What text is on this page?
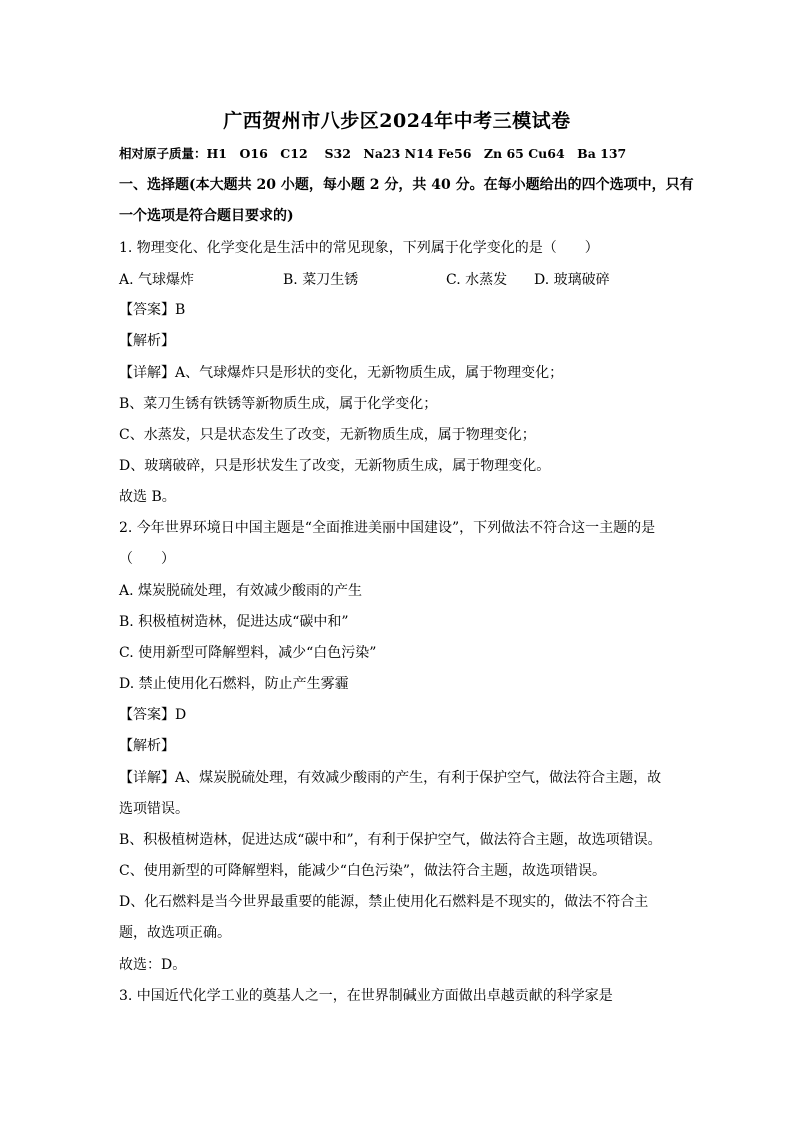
广西贺州市八步区2024年中考三模试卷
相对原子质量：H1　O16　C12　 S32　Na23 N14 Fe56　Zn 65 Cu64　Ba 137
一、选择题(本大题共 20 小题，每小题 2 分，共 40 分。在每小题给出的四个选项中，只有
一个选项是符合题目要求的)
1. 物理变化、化学变化是生活中的常见现象，下列属于化学变化的是（　　）
A. 气球爆炸	B. 菜刀生锈	C. 水蒸发 D. 玻璃破碎
【答案】B
【解析】
【详解】A、气球爆炸只是形状的变化，无新物质生成，属于物理变化；
B、菜刀生锈有铁锈等新物质生成，属于化学变化；
C、水蒸发，只是状态发生了改变，无新物质生成，属于物理变化；
D、玻璃破碎，只是形状发生了改变，无新物质生成，属于物理变化。
故选 B。
2. 今年世界环境日中国主题是“全面推进美丽中国建设”，下列做法不符合这一主题的是
（　　）
A. 煤炭脱硫处理，有效减少酸雨的产生
B. 积极植树造林，促进达成“碳中和”
C. 使用新型可降解塑料，减少“白色污染”
D. 禁止使用化石燃料，防止产生雾霾
【答案】D
【解析】
【详解】A、煤炭脱硫处理，有效减少酸雨的产生，有利于保护空气，做法符合主题，故
选项错误。
B、积极植树造林，促进达成“碳中和”，有利于保护空气，做法符合主题，故选项错误。
C、使用新型的可降解塑料，能减少“白色污染”，做法符合主题，故选项错误。
D、化石燃料是当今世界最重要的能源，禁止使用化石燃料是不现实的，做法不符合主
题，故选项正确。
故选：D。
3. 中国近代化学工业的奠基人之一，在世界制碱业方面做出卓越贡献的科学家是
